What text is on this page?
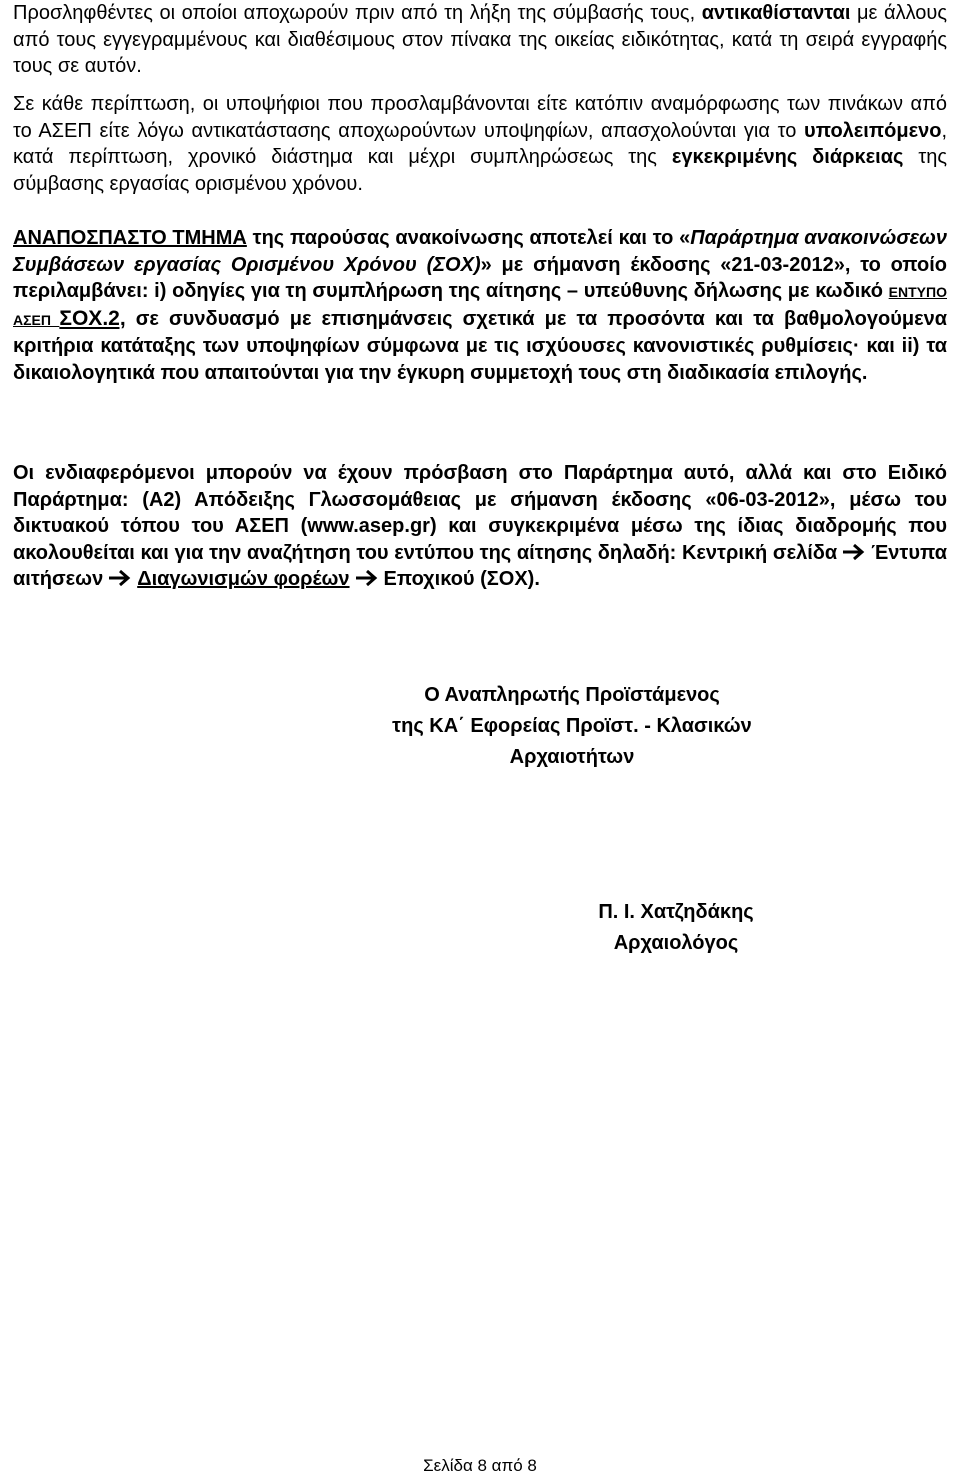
Προσληφθέντες οι οποίοι αποχωρούν πριν από τη λήξη της σύμβασής τους, αντικαθίστανται με άλλους από τους εγγεγραμμένους και διαθέσιμους στον πίνακα της οικείας ειδικότητας, κατά τη σειρά εγγραφής τους σε αυτόν.

Σε κάθε περίπτωση, οι υποψήφιοι που προσλαμβάνονται είτε κατόπιν αναμόρφωσης των πινάκων από το ΑΣΕΠ είτε λόγω αντικατάστασης αποχωρούντων υποψηφίων, απασχολούνται για το υπολειπόμενο, κατά περίπτωση, χρονικό διάστημα και μέχρι συμπληρώσεως της εγκεκριμένης διάρκειας της σύμβασης εργασίας ορισμένου χρόνου.

ΑΝΑΠΟΣΠΑΣΤΟ ΤΜΗΜΑ της παρούσας ανακοίνωσης αποτελεί και το «Παράρτημα ανακοινώσεων Συμβάσεων εργασίας Ορισμένου Χρόνου (ΣΟΧ)» με σήμανση έκδοσης «21-03-2012», το οποίο περιλαμβάνει: i) οδηγίες για τη συμπλήρωση της αίτησης – υπεύθυνης δήλωσης με κωδικό ΕΝΤΥΠΟ ΑΣΕΠ ΣΟΧ.2, σε συνδυασμό με επισημάνσεις σχετικά με τα προσόντα και τα βαθμολογούμενα κριτήρια κατάταξης των υποψηφίων σύμφωνα με τις ισχύουσες κανονιστικές ρυθμίσεις· και ii) τα δικαιολογητικά που απαιτούνται για την έγκυρη συμμετοχή τους στη διαδικασία επιλογής.

Οι ενδιαφερόμενοι μπορούν να έχουν πρόσβαση στο Παράρτημα αυτό, αλλά και στο Ειδικό Παράρτημα: (Α2) Απόδειξης Γλωσσομάθειας με σήμανση έκδοσης «06-03-2012», μέσω του δικτυακού τόπου του ΑΣΕΠ (www.asep.gr) και συγκεκριμένα μέσω της ίδιας διαδρομής που ακολουθείται και για την αναζήτηση του εντύπου της αίτησης δηλαδή: Κεντρική σελίδα Έντυπα αιτήσεων Διαγωνισμών φορέων Εποχικού (ΣΟΧ).

Ο Αναπληρωτής Προϊστάμενος
της ΚΑ΄ Εφορείας Προϊστ. - Κλασικών
Αρχαιοτήτων
Π. Ι. Χατζηδάκης
Αρχαιολόγος
Σελίδα 8 από 8
